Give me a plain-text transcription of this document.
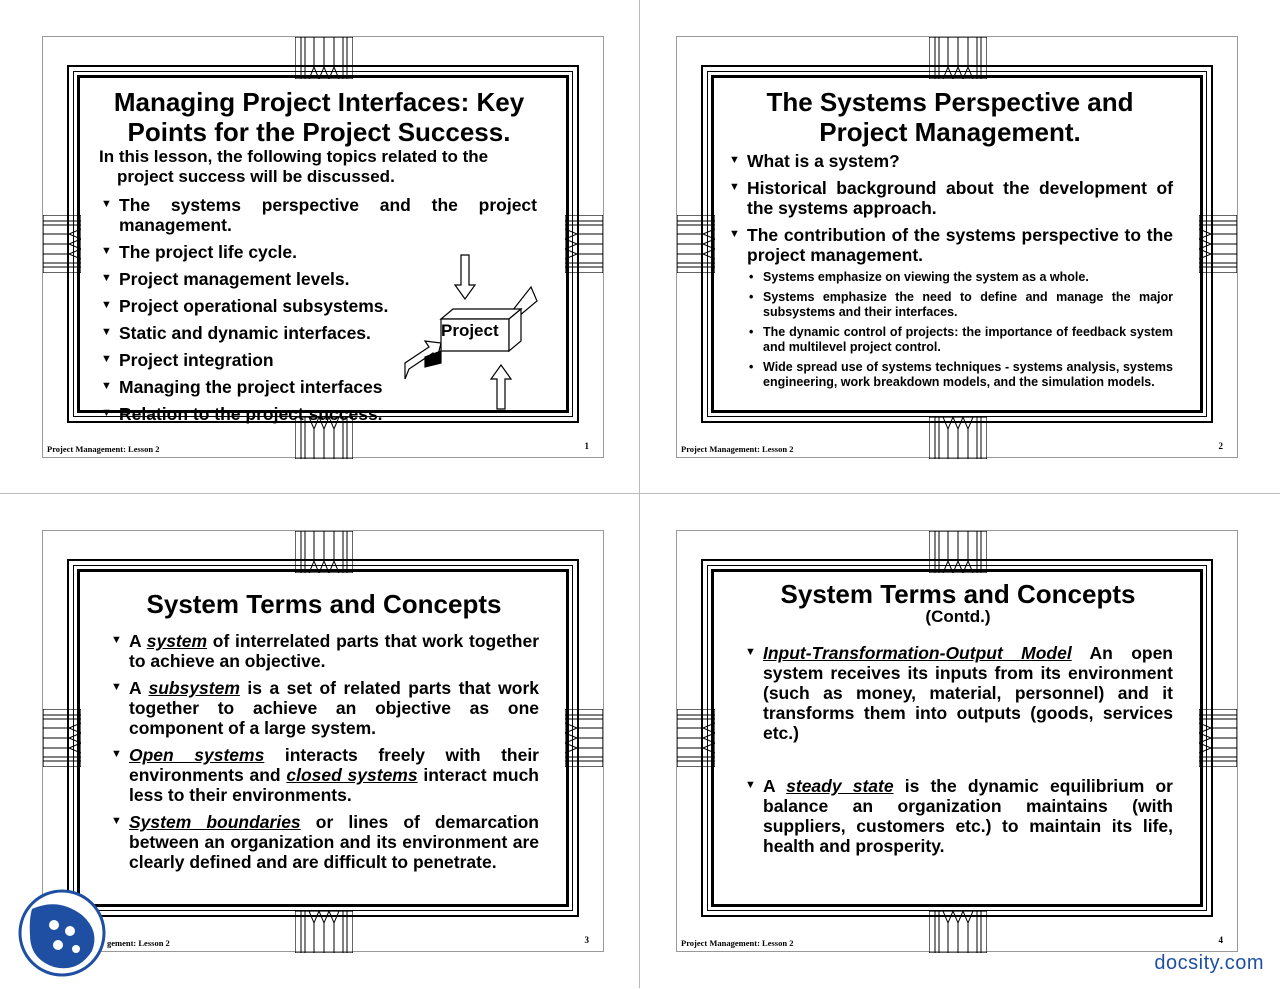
Managing Project Interfaces: Key Points for the Project Success.
In this lesson, the following topics related to the project success will be discussed.
▼ The systems perspective and the project management.
▼ The project life cycle.
▼ Project management levels.
▼ Project operational subsystems.
▼ Static and dynamic interfaces.
▼ Project integration
▼ Managing the project interfaces
▼ Relation to the project success.
Project
Project Management: Lesson 2	1
The Systems Perspective and Project Management.
▼ What is a system?
▼ Historical background about the development of the systems approach.
▼ The contribution of the systems perspective to the project management.
• Systems emphasize on viewing the system as a whole.
• Systems emphasize the need to define and manage the major subsystems and their interfaces.
• The dynamic control of projects: the importance of feedback system and multilevel project control.
• Wide spread use of systems techniques - systems analysis, systems engineering, work breakdown models, and the simulation models.
Project Management: Lesson 2	2
System Terms and Concepts
▼ A system of interrelated parts that work together to achieve an objective.
▼ A subsystem is a set of related parts that work together to achieve an objective as one component of a large system.
▼ Open systems interacts freely with their environments and closed systems interact much less to their environments.
▼ System boundaries or lines of demarcation between an organization and its environment are clearly defined and are difficult to penetrate.
gement: Lesson 2	3
System Terms and Concepts
(Contd.)
▼ Input-Transformation-Output Model An open system receives its inputs from its environment (such as money, material, personnel) and it transforms them into outputs (goods, services etc.)
▼ A steady state is the dynamic equilibrium or balance an organization maintains (with suppliers, customers etc.) to maintain its life, health and prosperity.
Project Management: Lesson 2	4
docsity.com
